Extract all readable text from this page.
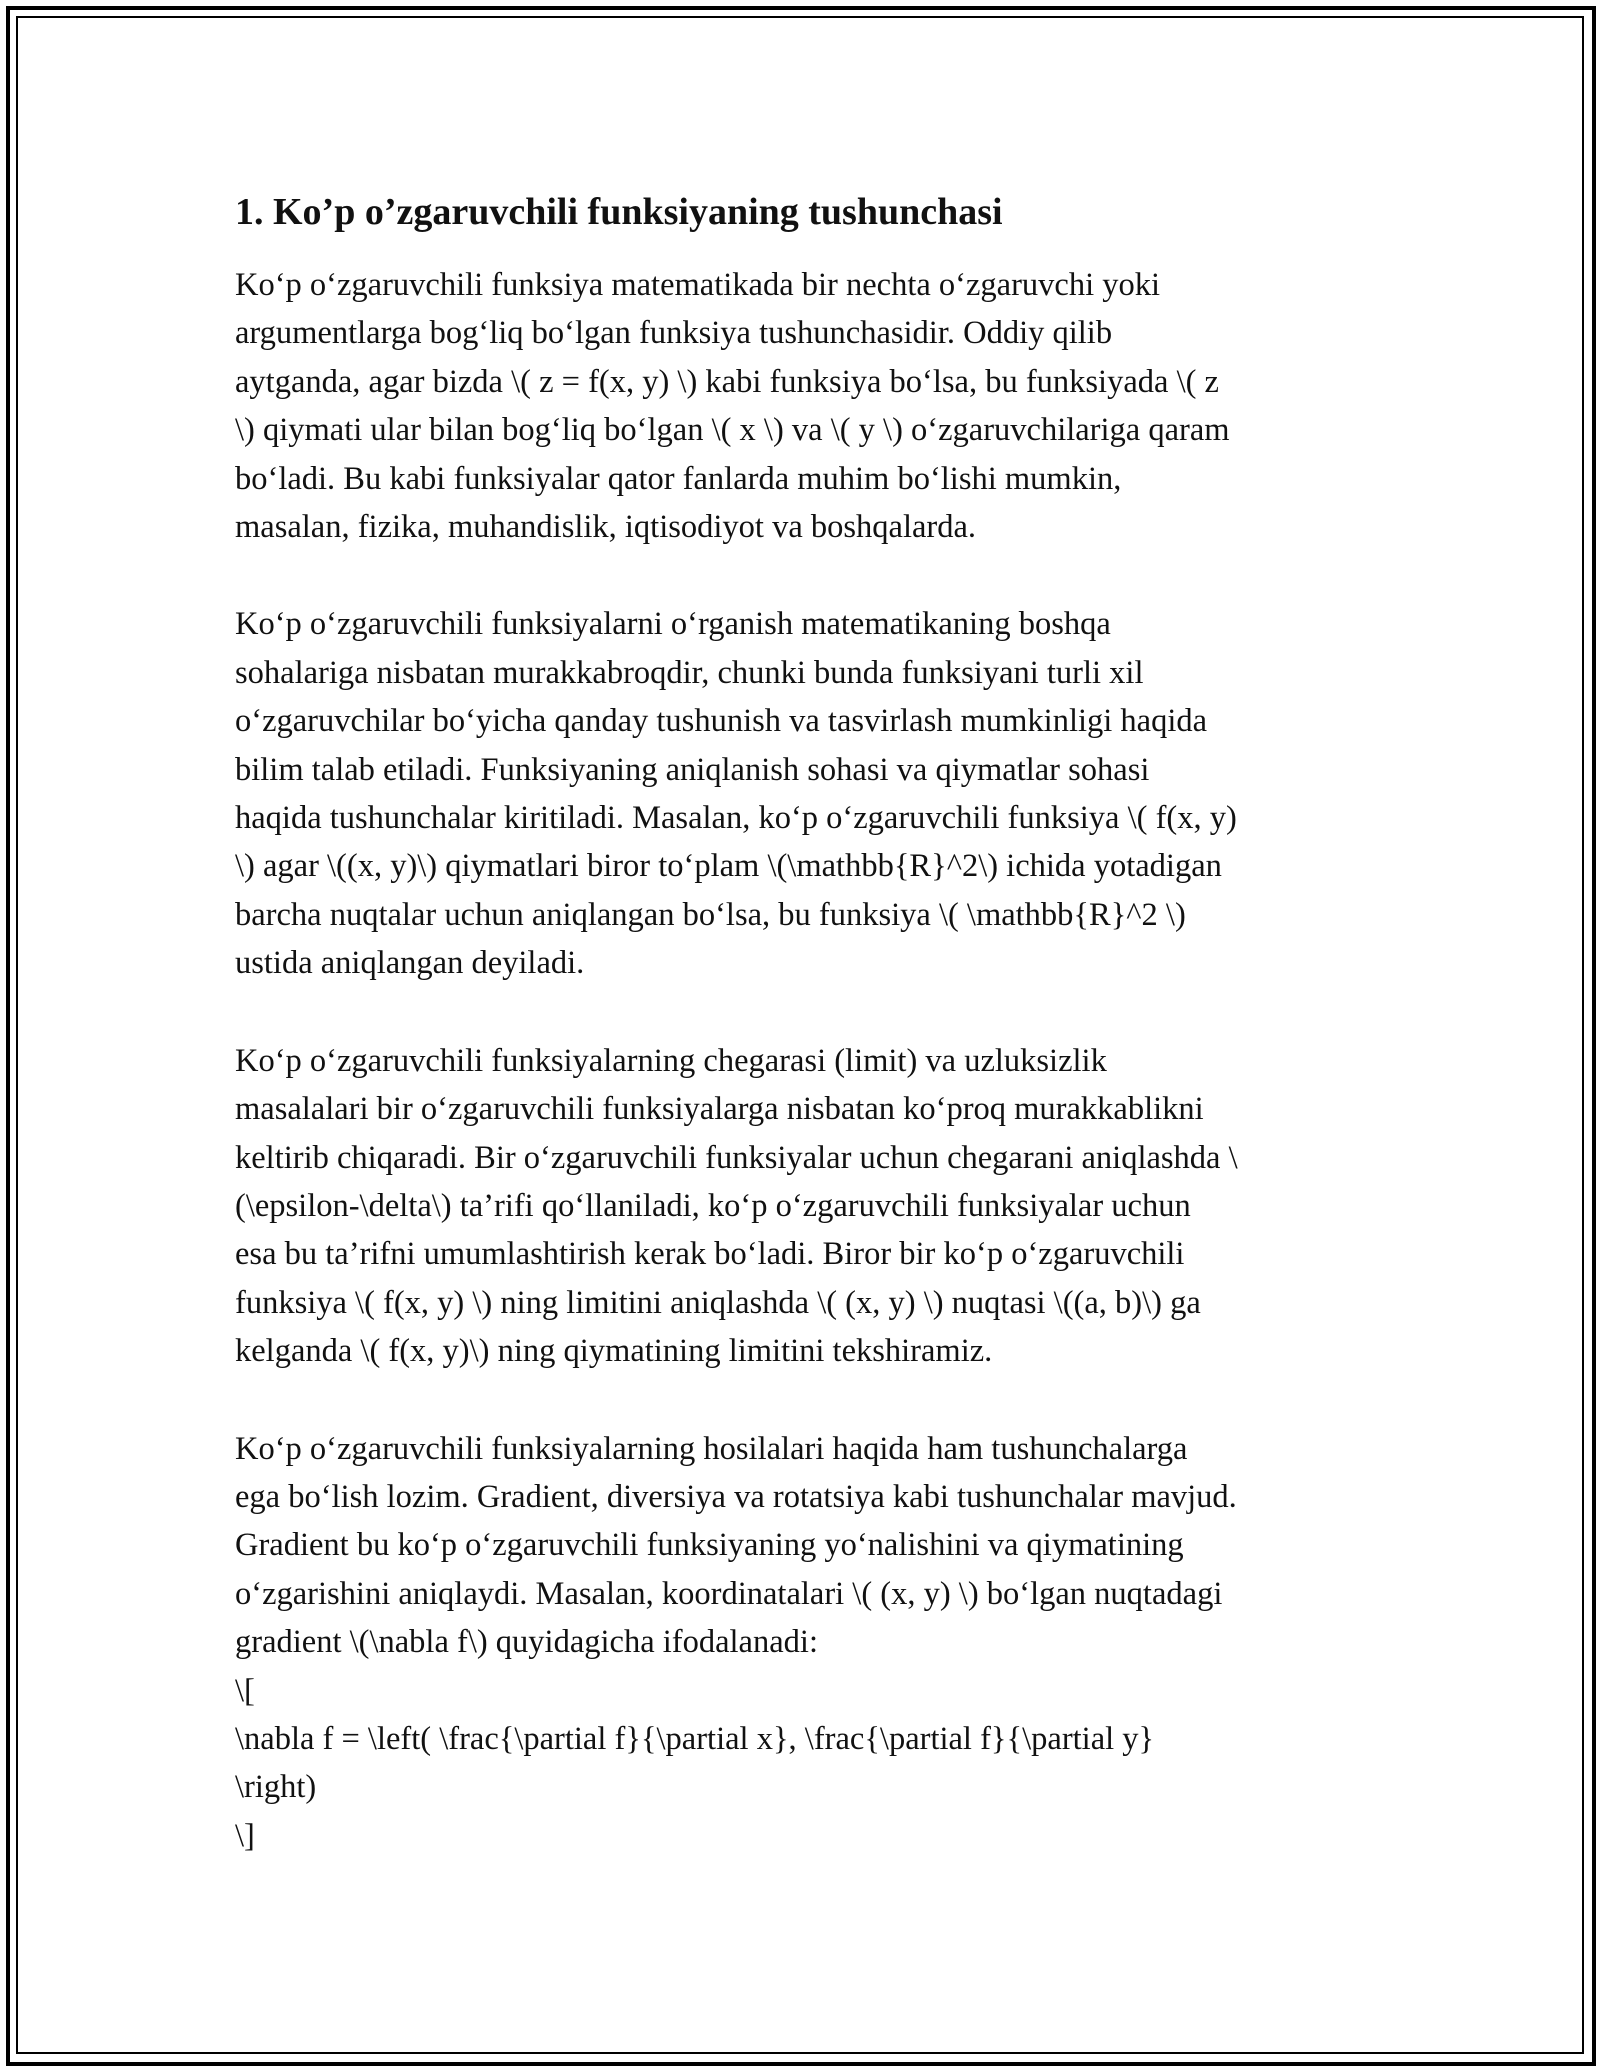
1. Ko’p o’zgaruvchili funksiyaning tushunchasi

Ko‘p o‘zgaruvchili funksiya matematikada bir nechta o‘zgaruvchi yoki
argumentlarga bog‘liq bo‘lgan funksiya tushunchasidir. Oddiy qilib
aytganda, agar bizda \( z = f(x, y) \) kabi funksiya bo‘lsa, bu funksiyada \( z
\) qiymati ular bilan bog‘liq bo‘lgan \( x \) va \( y \) o‘zgaruvchilariga qaram
bo‘ladi. Bu kabi funksiyalar qator fanlarda muhim bo‘lishi mumkin,
masalan, fizika, muhandislik, iqtisodiyot va boshqalarda.

Ko‘p o‘zgaruvchili funksiyalarni o‘rganish matematikaning boshqa
sohalariga nisbatan murakkabroqdir, chunki bunda funksiyani turli xil
o‘zgaruvchilar bo‘yicha qanday tushunish va tasvirlash mumkinligi haqida
bilim talab etiladi. Funksiyaning aniqlanish sohasi va qiymatlar sohasi
haqida tushunchalar kiritiladi. Masalan, ko‘p o‘zgaruvchili funksiya \( f(x, y)
\) agar \((x, y)\) qiymatlari biror to‘plam \(\mathbb{R}^2\) ichida yotadigan
barcha nuqtalar uchun aniqlangan bo‘lsa, bu funksiya \( \mathbb{R}^2 \)
ustida aniqlangan deyiladi.

Ko‘p o‘zgaruvchili funksiyalarning chegarasi (limit) va uzluksizlik
masalalari bir o‘zgaruvchili funksiyalarga nisbatan ko‘proq murakkablikni
keltirib chiqaradi. Bir o‘zgaruvchili funksiyalar uchun chegarani aniqlashda \
(\epsilon-\delta\) ta’rifi qo‘llaniladi, ko‘p o‘zgaruvchili funksiyalar uchun
esa bu ta’rifni umumlashtirish kerak bo‘ladi. Biror bir ko‘p o‘zgaruvchili
funksiya \( f(x, y) \) ning limitini aniqlashda \( (x, y) \) nuqtasi \((a, b)\) ga
kelganda \( f(x, y)\) ning qiymatining limitini tekshiramiz.

Ko‘p o‘zgaruvchili funksiyalarning hosilalari haqida ham tushunchalarga
ega bo‘lish lozim. Gradient, diversiya va rotatsiya kabi tushunchalar mavjud.
Gradient bu ko‘p o‘zgaruvchili funksiyaning yo‘nalishini va qiymatining
o‘zgarishini aniqlaydi. Masalan, koordinatalari \( (x, y) \) bo‘lgan nuqtadagi
gradient \(\nabla f\) quyidagicha ifodalanadi:
\[
\nabla f = \left( \frac{\partial f}{\partial x}, \frac{\partial f}{\partial y}
\right)
\]
